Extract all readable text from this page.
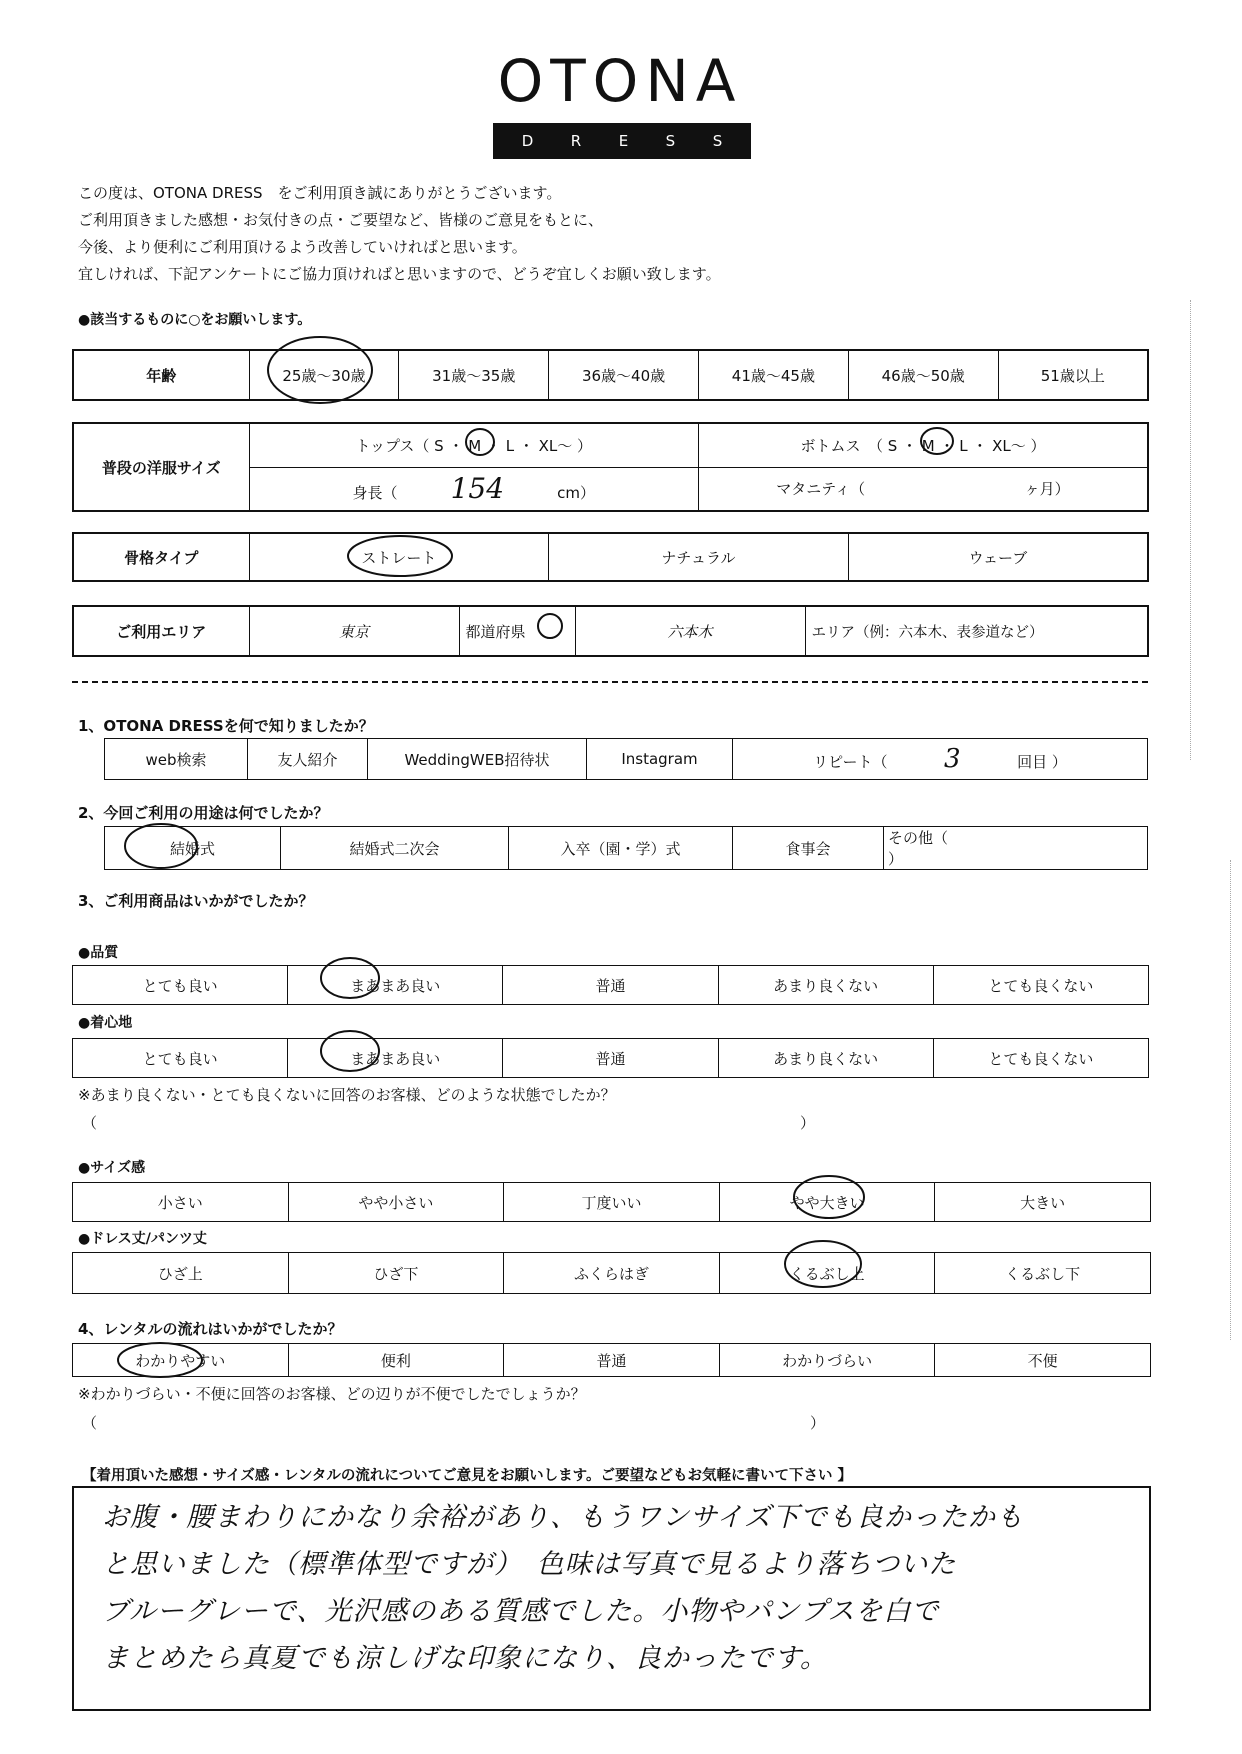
OTONA
D R E S S
この度は、OTONA DRESS　をご利用頂き誠にありがとうございます。
ご利用頂きました感想・お気付きの点・ご要望など、皆様のご意見をもとに、
今後、より便利にご利用頂けるよう改善していければと思います。
宜しければ、下記アンケートにご協力頂ければと思いますので、どうぞ宜しくお願い致します。
●該当するものに○をお願いします。
年齢	25歳～30歳	31歳～35歳	36歳～40歳	41歳～45歳	46歳～50歳	51歳以上
普段の洋服サイズ	トップス（ S ・ M ・ L ・ XL～ ）	ボトムス　（ S ・ M ・ L ・ XL～ ）
	身長（ 154 cm）	マタニティ（ ヶ月）
骨格タイプ	ストレート	ナチュラル	ウェーブ
ご利用エリア	東京	都道府県	六本木	エリア（例：六本木、表参道など）
1、OTONA DRESSを何で知りましたか？
web検索	友人紹介	WeddingWEB招待状	Instagram	リピート（ 3	回目 ）
2、今回ご利用の用途は何でしたか？
結婚式	結婚式二次会	入卒（園・学）式	食事会	その他（  ）
3、ご利用商品はいかがでしたか？
●品質
とても良い	まあまあ良い	普通	あまり良くない	とても良くない
●着心地
とても良い	まあまあ良い	普通	あまり良くない	とても良くない
※あまり良くない・とても良くないに回答のお客様、どのような状態でしたか？
（	）
●サイズ感
小さい	やや小さい	丁度いい	やや大きい	大きい
●ドレス丈/パンツ丈
ひざ上	ひざ下	ふくらはぎ	くるぶし上	くるぶし下
4、レンタルの流れはいかがでしたか？
わかりやすい	便利	普通	わかりづらい	不便
※わかりづらい・不便に回答のお客様、どの辺りが不便でしたでしょうか？
（	）
【着用頂いた感想・サイズ感・レンタルの流れについてご意見をお願いします。ご要望などもお気軽に書いて下さい 】
お腹・腰まわりにかなり余裕があり、もうワンサイズ下でも良かったかも
と思いました（標準体型ですが）　色味は写真で見るより落ちついた
ブルーグレーで、光沢感のある質感でした。小物やパンプスを白で
まとめたら真夏でも涼しげな印象になり、良かったです。
